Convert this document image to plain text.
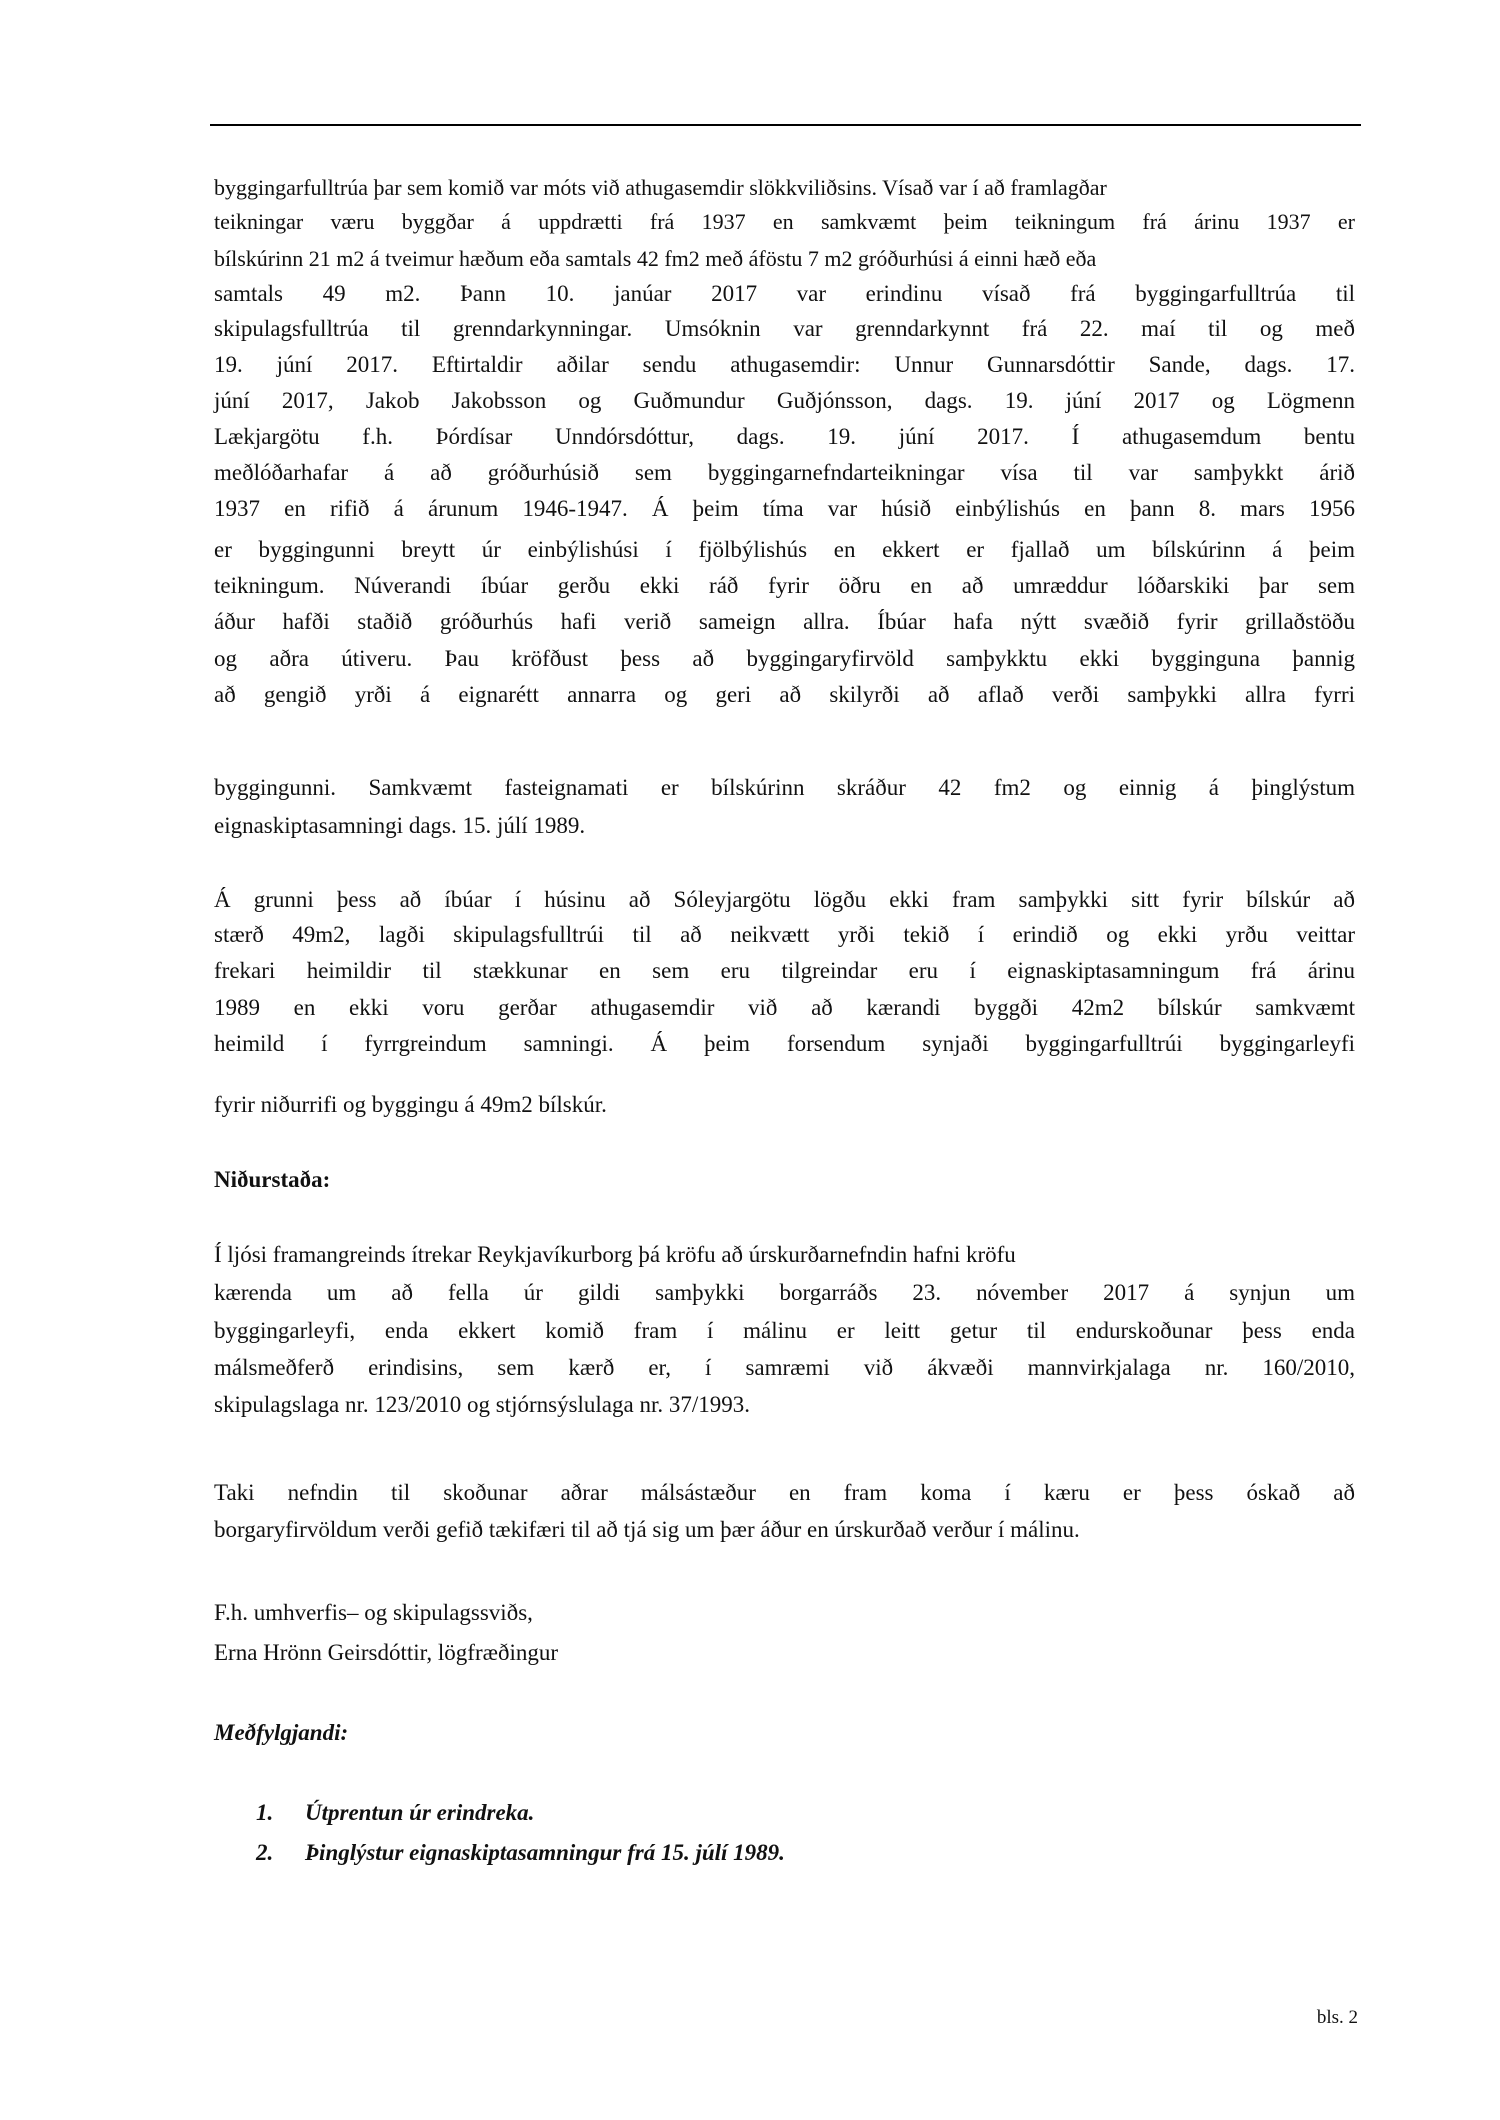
byggingarfulltrúa þar sem komið var móts við athugasemdir slökkviliðsins. Vísað var í að framlagðar
teikningar væru byggðar á uppdrætti frá 1937 en samkvæmt þeim teikningum frá árinu 1937 er
bílskúrinn 21 m2 á tveimur hæðum eða samtals 42 fm2 með áföstu 7 m2 gróðurhúsi á einni hæð eða
samtals 49 m2. Þann 10. janúar 2017 var erindinu vísað frá byggingarfulltrúa til
skipulagsfulltrúa til grenndarkynningar. Umsóknin var grenndarkynnt frá 22. maí til og með
19. júní 2017. Eftirtaldir aðilar sendu athugasemdir: Unnur Gunnarsdóttir Sande, dags. 17.
júní 2017, Jakob Jakobsson og Guðmundur Guðjónsson, dags. 19. júní 2017 og Lögmenn
Lækjargötu f.h. Þórdísar Unndórsdóttur, dags. 19. júní 2017. Í athugasemdum bentu
meðlóðarhafar á að gróðurhúsið sem byggingarnefndarteikningar vísa til var samþykkt árið
1937 en rifið á árunum 1946-1947. Á þeim tíma var húsið einbýlishús en þann 8. mars 1956
er byggingunni breytt úr einbýlishúsi í fjölbýlishús en ekkert er fjallað um bílskúrinn á þeim
teikningum. Núverandi íbúar gerðu ekki ráð fyrir öðru en að umræddur lóðarskiki þar sem
áður hafði staðið gróðurhús hafi verið sameign allra. Íbúar hafa nýtt svæðið fyrir grillaðstöðu
og aðra útiveru. Þau kröfðust þess að byggingaryfirvöld samþykktu ekki bygginguna þannig
að gengið yrði á eignarétt annarra og geri að skilyrði að aflað verði samþykki allra fyrri
byggingunni. Samkvæmt fasteignamati er bílskúrinn skráður 42 fm2 og einnig á þinglýstum
eignaskiptasamningi dags. 15. júlí 1989.
Á grunni þess að íbúar í húsinu að Sóleyjargötu lögðu ekki fram samþykki sitt fyrir bílskúr að
stærð 49m2, lagði skipulagsfulltrúi til að neikvætt yrði tekið í erindið og ekki yrðu veittar
frekari heimildir til stækkunar en sem eru tilgreindar eru í eignaskiptasamningum frá árinu
1989 en ekki voru gerðar athugasemdir við að kærandi byggði 42m2 bílskúr samkvæmt
heimild í fyrrgreindum samningi. Á þeim forsendum synjaði byggingarfulltrúi byggingarleyfi
fyrir niðurrifi og byggingu á 49m2 bílskúr.
Niðurstaða:
Í ljósi framangreinds ítrekar Reykjavíkurborg þá kröfu að úrskurðarnefndin hafni kröfu
kærenda um að fella úr gildi samþykki borgarráðs 23. nóvember 2017 á synjun um
byggingarleyfi, enda ekkert komið fram í málinu er leitt getur til endurskoðunar þess enda
málsmeðferð erindisins, sem kærð er, í samræmi við ákvæði mannvirkjalaga nr. 160/2010,
skipulagslaga nr. 123/2010 og stjórnsýslulaga nr. 37/1993.
Taki nefndin til skoðunar aðrar málsástæður en fram koma í kæru er þess óskað að
borgaryfirvöldum verði gefið tækifæri til að tjá sig um þær áður en úrskurðað verður í málinu.
F.h. umhverfis– og skipulagssviðs,
Erna Hrönn Geirsdóttir, lögfræðingur
Meðfylgjandi:
1. Útprentun úr erindreka.
2. Þinglýstur eignaskiptasamningur frá 15. júlí 1989.
bls. 2
